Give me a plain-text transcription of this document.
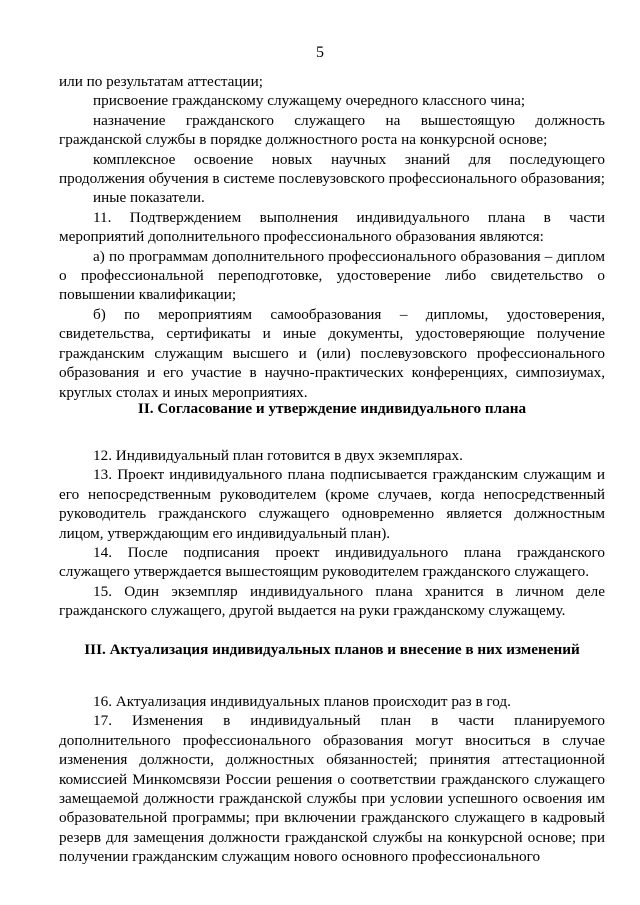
5

или по результатам аттестации;

присвоение гражданскому служащему очередного классного чина;

назначение гражданского служащего на вышестоящую должность гражданской службы в порядке должностного роста на конкурсной основе;

комплексное освоение новых научных знаний для последующего продолжения обучения в системе послевузовского профессионального образования;

иные показатели.

11. Подтверждением выполнения индивидуального плана в части мероприятий дополнительного профессионального образования являются:

а) по программам дополнительного профессионального образования – диплом о профессиональной переподготовке, удостоверение либо свидетельство о повышении квалификации;

б) по мероприятиям самообразования – дипломы, удостоверения, свидетельства, сертификаты и иные документы, удостоверяющие получение гражданским служащим высшего и (или) послевузовского профессионального образования и его участие в научно-практических конференциях, симпозиумах, круглых столах и иных мероприятиях.

II. Согласование и утверждение индивидуального плана

12. Индивидуальный план готовится в двух экземплярах.

13. Проект индивидуального плана подписывается гражданским служащим и его непосредственным руководителем (кроме случаев, когда непосредственный руководитель гражданского служащего одновременно является должностным лицом, утверждающим его индивидуальный план).

14. После подписания проект индивидуального плана гражданского служащего утверждается вышестоящим руководителем гражданского служащего.

15. Один экземпляр индивидуального плана хранится в личном деле гражданского служащего, другой выдается на руки гражданскому служащему.

III. Актуализация индивидуальных планов и внесение в них изменений

16. Актуализация индивидуальных планов происходит раз в год.

17. Изменения в индивидуальный план в части планируемого дополнительного профессионального образования могут вноситься в случае изменения должности, должностных обязанностей; принятия аттестационной комиссией Минкомсвязи России решения о соответствии гражданского служащего замещаемой должности гражданской службы при условии успешного освоения им образовательной программы; при включении гражданского служащего в кадровый резерв для замещения должности гражданской службы на конкурсной основе; при получении гражданским служащим нового основного профессионального
